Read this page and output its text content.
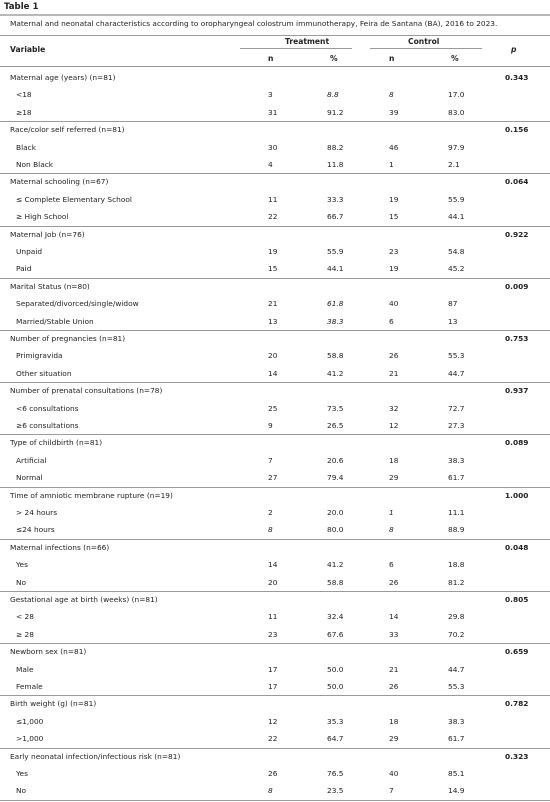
Table 1
Maternal and neonatal characteristics according to oropharyngeal colostrum immunotherapy, Feira de Santana (BA), 2016 to 2023.
Variable
Treatment	Control
p
n	%	n	%
Maternal age (years) (n=81)	0.343
<18	3	8.8	8	17.0
≥18	31	91.2	39	83.0
Race/color self referred (n=81)	0.156
Black	30	88.2	46	97.9
Non Black	4	11.8	1	2.1
Maternal schooling (n=67)	0.064
≤ Complete Elementary School	11	33.3	19	55.9
≥ High School	22	66.7	15	44.1
Maternal Job (n=76)	0.922
Unpaid	19	55.9	23	54.8
Paid	15	44.1	19	45.2
Marital Status (n=80)	0.009
Separated/divorced/single/widow	21	61.8	40	87
Married/Stable Union	13	38.3	6	13
Number of pregnancies (n=81)	0.753
Primigravida	20	58.8	26	55.3
Other situation	14	41.2	21	44.7
Number of prenatal consultations (n=78)	0.937
<6 consultations	25	73.5	32	72.7
≥6 consultations	9	26.5	12	27.3
Type of childbirth (n=81)	0.089
Artificial	7	20.6	18	38.3
Normal	27	79.4	29	61.7
Time of amniotic membrane rupture (n=19)	1.000
> 24 hours	2	20.0	1	11.1
≤24 hours	8	80.0	8	88.9
Maternal infections (n=66)	0.048
Yes	14	41.2	6	18.8
No	20	58.8	26	81.2
Gestational age at birth (weeks) (n=81)	0.805
< 28	11	32.4	14	29.8
≥ 28	23	67.6	33	70.2
Newborn sex (n=81)	0.659
Male	17	50.0	21	44.7
Female	17	50.0	26	55.3
Birth weight (g) (n=81)	0.782
≤1,000	12	35.3	18	38.3
>1,000	22	64.7	29	61.7
Early neonatal infection/infectious risk (n=81)	0.323
Yes	26	76.5	40	85.1
No	8	23.5	7	14.9
